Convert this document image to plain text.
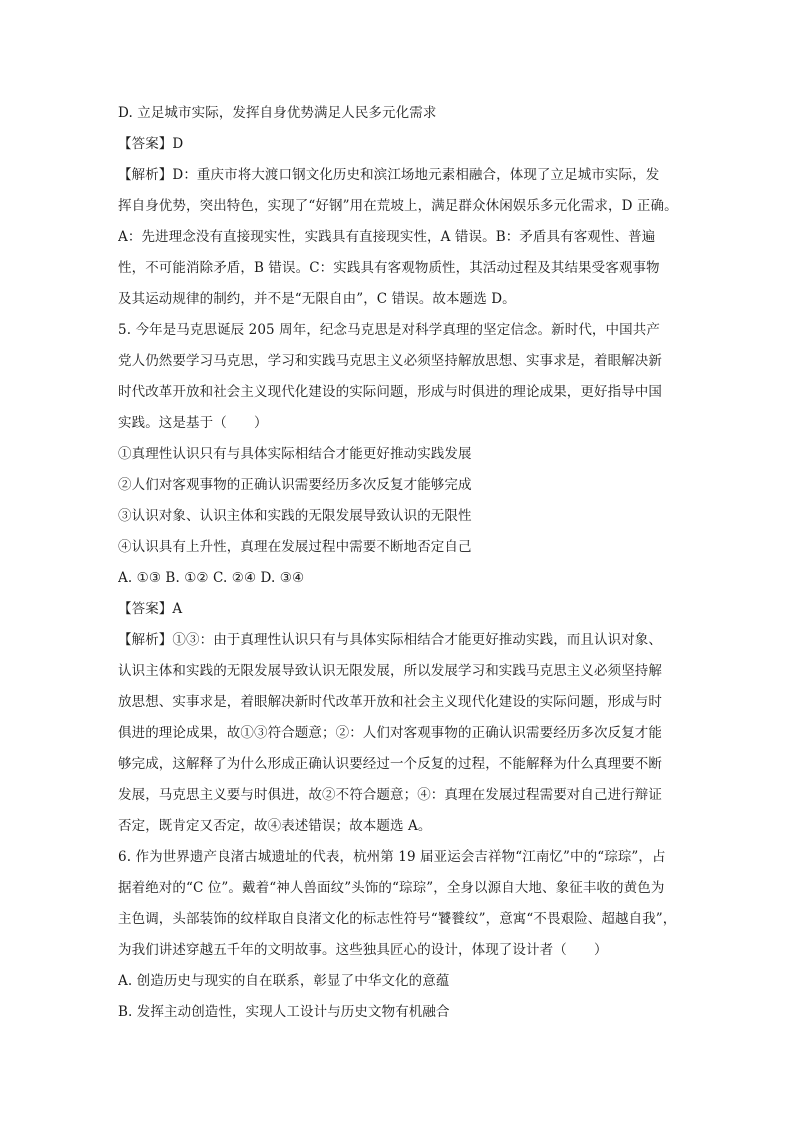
D. 立足城市实际，发挥自身优势满足人民多元化需求
【答案】D
【解析】D：重庆市将大渡口钢文化历史和滨江场地元素相融合，体现了立足城市实际，发
挥自身优势，突出特色，实现了“好钢”用在荒坡上，满足群众休闲娱乐多元化需求，D 正确。
A：先进理念没有直接现实性，实践具有直接现实性，A 错误。B：矛盾具有客观性、普遍
性，不可能消除矛盾，B 错误。C：实践具有客观物质性，其活动过程及其结果受客观事物
及其运动规律的制约，并不是“无限自由”，C 错误。故本题选 D。
5. 今年是马克思诞辰 205 周年，纪念马克思是对科学真理的坚定信念。新时代，中国共产
党人仍然要学习马克思，学习和实践马克思主义必须坚持解放思想、实事求是，着眼解决新
时代改革开放和社会主义现代化建设的实际问题，形成与时俱进的理论成果，更好指导中国
实践。这是基于（　　）
①真理性认识只有与具体实际相结合才能更好推动实践发展
②人们对客观事物的正确认识需要经历多次反复才能够完成
③认识对象、认识主体和实践的无限发展导致认识的无限性
④认识具有上升性，真理在发展过程中需要不断地否定自己
A. ①③ B. ①② C. ②④ D. ③④
【答案】A
【解析】①③：由于真理性认识只有与具体实际相结合才能更好推动实践，而且认识对象、
认识主体和实践的无限发展导致认识无限发展，所以发展学习和实践马克思主义必须坚持解
放思想、实事求是，着眼解决新时代改革开放和社会主义现代化建设的实际问题，形成与时
俱进的理论成果，故①③符合题意；②：人们对客观事物的正确认识需要经历多次反复才能
够完成，这解释了为什么形成正确认识要经过一个反复的过程，不能解释为什么真理要不断
发展，马克思主义要与时俱进，故②不符合题意；④：真理在发展过程需要对自己进行辩证
否定，既肯定又否定，故④表述错误；故本题选 A。
6. 作为世界遗产良渚古城遗址的代表，杭州第 19 届亚运会吉祥物“江南忆”中的“琮琮”，占
据着绝对的“C 位”。戴着“神人兽面纹”头饰的“琮琮”，全身以源自大地、象征丰收的黄色为
主色调，头部装饰的纹样取自良渚文化的标志性符号“饕餮纹”，意寓“不畏艰险、超越自我”，
为我们讲述穿越五千年的文明故事。这些独具匠心的设计，体现了设计者（　　）
A. 创造历史与现实的自在联系，彰显了中华文化的意蕴
B. 发挥主动创造性，实现人工设计与历史文物有机融合
